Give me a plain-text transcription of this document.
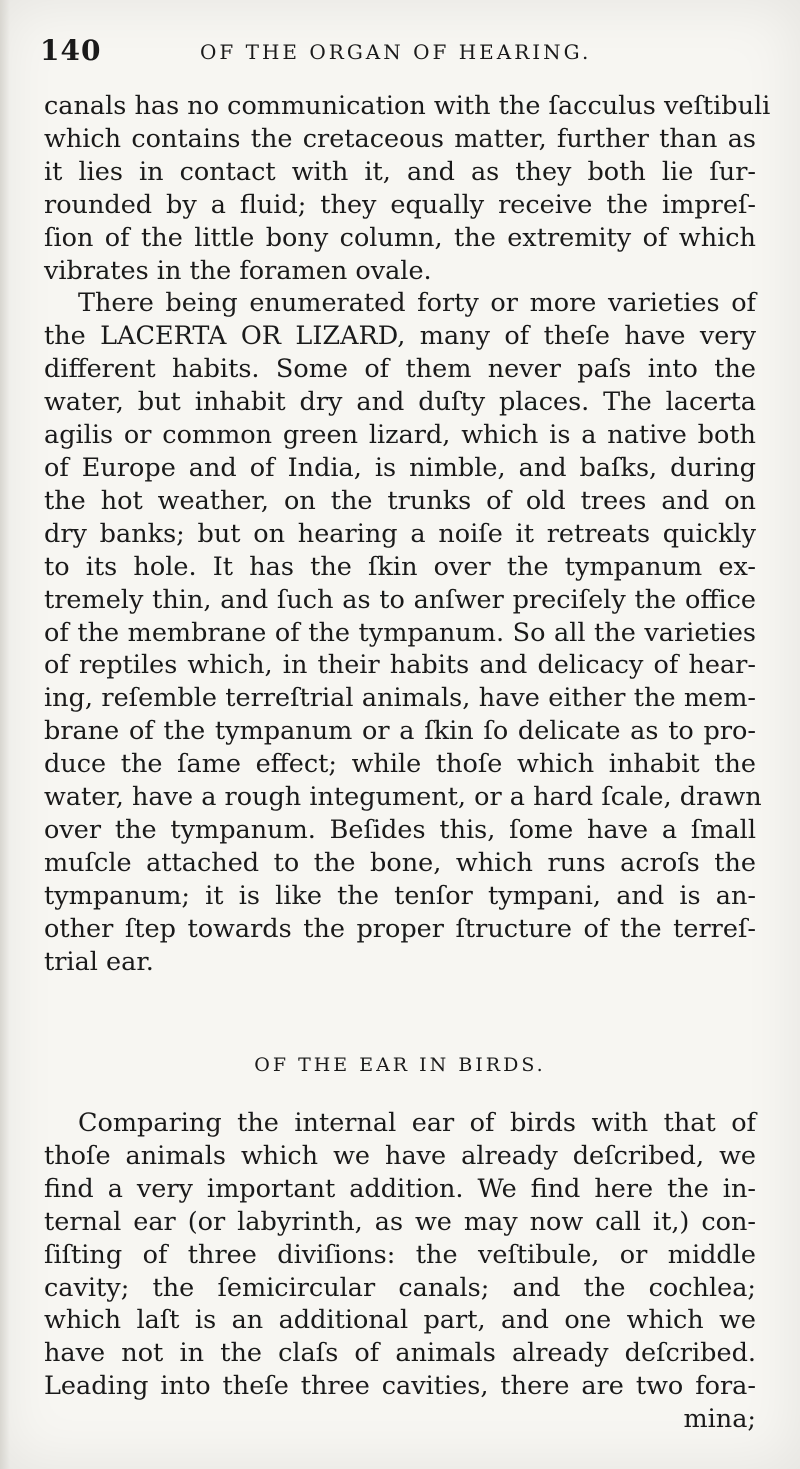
140	OF THE ORGAN OF HEARING.
canals has no communication with the ſacculus veſtibuli
which contains the cretaceous matter, further than as
it lies in contact with it, and as they both lie ſur-
rounded by a fluid; they equally receive the impreſ-
ſion of the little bony column, the extremity of which
vibrates in the foramen ovale.
There being enumerated forty or more varieties of
the LACERTA OR LIZARD, many of theſe have very
different habits. Some of them never paſs into the
water, but inhabit dry and duſty places. The lacerta
agilis or common green lizard, which is a native both
of Europe and of India, is nimble, and baſks, during
the hot weather, on the trunks of old trees and on
dry banks; but on hearing a noiſe it retreats quickly
to its hole. It has the ſkin over the tympanum ex-
tremely thin, and ſuch as to anſwer preciſely the office
of the membrane of the tympanum. So all the varieties
of reptiles which, in their habits and delicacy of hear-
ing, reſemble terreſtrial animals, have either the mem-
brane of the tympanum or a ſkin ſo delicate as to pro-
duce the ſame effect; while thoſe which inhabit the
water, have a rough integument, or a hard ſcale, drawn
over the tympanum. Beſides this, ſome have a ſmall
muſcle attached to the bone, which runs acroſs the
tympanum; it is like the tenſor tympani, and is an-
other ſtep towards the proper ſtructure of the terreſ-
trial ear.
OF THE EAR IN BIRDS.
Comparing the internal ear of birds with that of
thoſe animals which we have already deſcribed, we
find a very important addition. We find here the in-
ternal ear (or labyrinth, as we may now call it,) con-
ſiſting of three diviſions: the veſtibule, or middle
cavity; the ſemicircular canals; and the cochlea;
which laſt is an additional part, and one which we
have not in the claſs of animals already deſcribed.
Leading into theſe three cavities, there are two fora-
mina;
